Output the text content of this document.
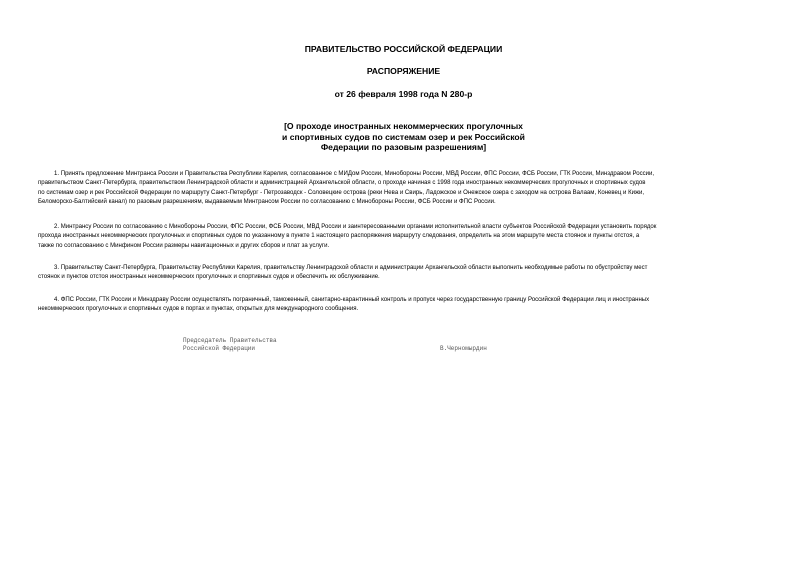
ПРАВИТЕЛЬСТВО РОССИЙСКОЙ ФЕДЕРАЦИИ
РАСПОРЯЖЕНИЕ
от 26 февраля 1998 года N 280-р
[О проходе иностранных некоммерческих прогулочных
и спортивных судов по системам озер и рек Российской
Федерации по разовым разрешениям]
1. Принять предложение Минтранса России и Правительства Республики Карелия, согласованное с МИДом России, Минобороны России, МВД России, ФПС России, ФСБ России, ГТК России, Минздравом России,
правительством Санкт-Петербурга, правительством Ленинградской области и администрацией Архангельской области, о проходе начиная с 1998 года иностранных некоммерческих прогулочных и спортивных судов
по системам озер и рек Российской Федерации по маршруту Санкт-Петербург - Петрозаводск - Соловецкие острова (реки Нева и Свирь, Ладожское и Онежское озера с заходом на острова Валаам, Коневец и Кижи,
Беломорско-Балтийский канал) по разовым разрешениям, выдаваемым Минтрансом России по согласованию с Минобороны России, ФСБ России и ФПС России.
2. Минтрансу России по согласованию с Минобороны России, ФПС России, ФСБ России, МВД России и заинтересованными органами исполнительной власти субъектов Российской Федерации установить порядок
прохода иностранных некоммерческих прогулочных и спортивных судов по указанному в пункте 1 настоящего распоряжения маршруту следования, определить на этом маршруте места стоянок и пункты отстоя, а
также по согласованию с Минфином России размеры навигационных и других сборов и плат за услуги.
3. Правительству Санкт-Петербурга, Правительству Республики Карелия, правительству Ленинградской области и администрации Архангельской области выполнить необходимые работы по обустройству мест
стоянок и пунктов отстоя иностранных некоммерческих прогулочных и спортивных судов и обеспечить их обслуживание.
4. ФПС России, ГТК России и Минздраву России осуществлять пограничный, таможенный, санитарно-карантинный контроль и пропуск через государственную границу Российской Федерации лиц и иностранных
некоммерческих прогулочных и спортивных судов в портах и пунктах, открытых для международного сообщения.
Председатель Правительства
Российской Федерации	В.Черномырдин
